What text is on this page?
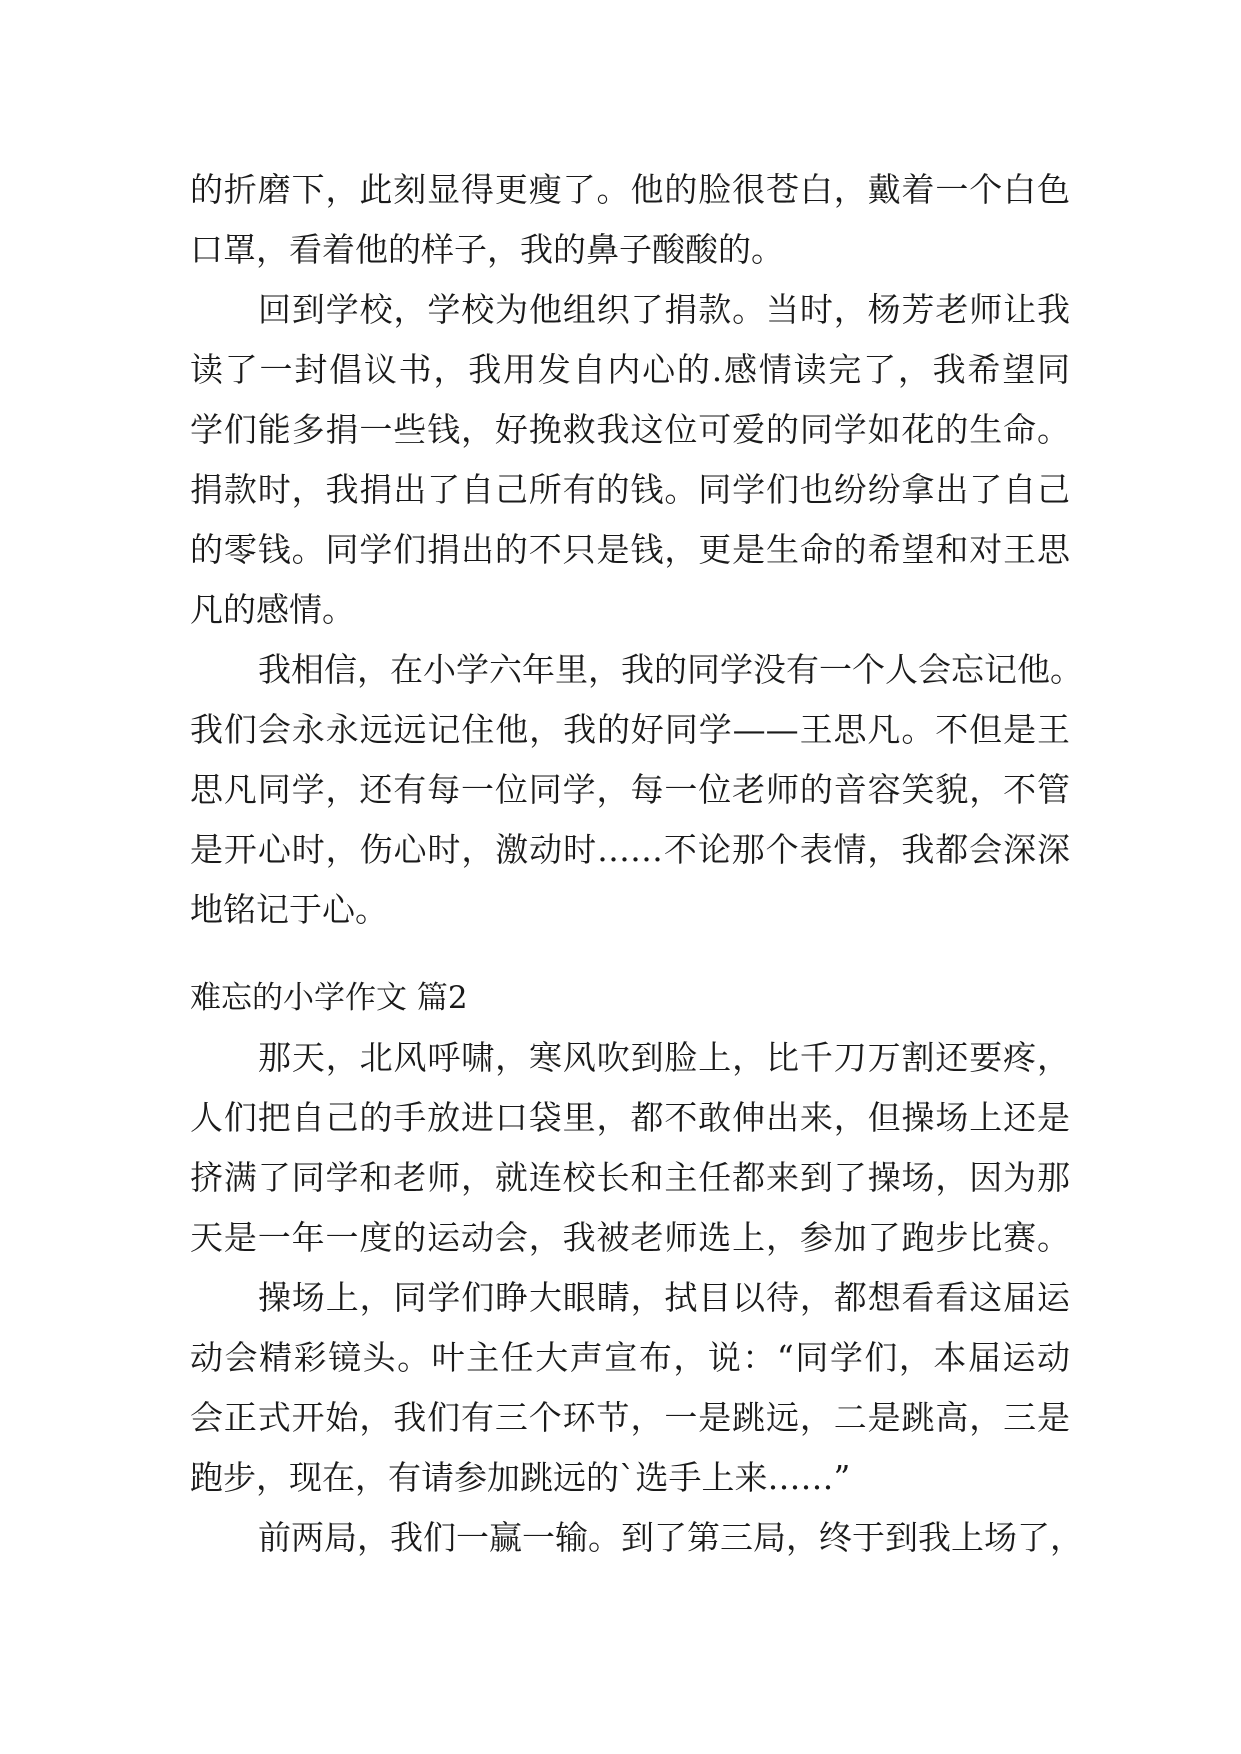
的折磨下，此刻显得更瘦了。他的脸很苍白，戴着一个白色
口罩，看着他的样子，我的鼻子酸酸的。
回到学校，学校为他组织了捐款。当时，杨芳老师让我
读了一封倡议书，我用发自内心的.感情读完了，我希望同
学们能多捐一些钱，好挽救我这位可爱的同学如花的生命。
捐款时，我捐出了自己所有的钱。同学们也纷纷拿出了自己
的零钱。同学们捐出的不只是钱，更是生命的希望和对王思
凡的感情。
我相信，在小学六年里，我的同学没有一个人会忘记他。
我们会永永远远记住他，我的好同学——王思凡。不但是王
思凡同学，还有每一位同学，每一位老师的音容笑貌，不管
是开心时，伤心时，激动时……不论那个表情，我都会深深
地铭记于心。
难忘的小学作文 篇2
那天，北风呼啸，寒风吹到脸上，比千刀万割还要疼，
人们把自己的手放进口袋里，都不敢伸出来，但操场上还是
挤满了同学和老师，就连校长和主任都来到了操场，因为那
天是一年一度的运动会，我被老师选上，参加了跑步比赛。
操场上，同学们睁大眼睛，拭目以待，都想看看这届运
动会精彩镜头。叶主任大声宣布，说：“同学们，本届运动
会正式开始，我们有三个环节，一是跳远，二是跳高，三是
跑步，现在，有请参加跳远的`选手上来……”
前两局，我们一赢一输。到了第三局，终于到我上场了，
